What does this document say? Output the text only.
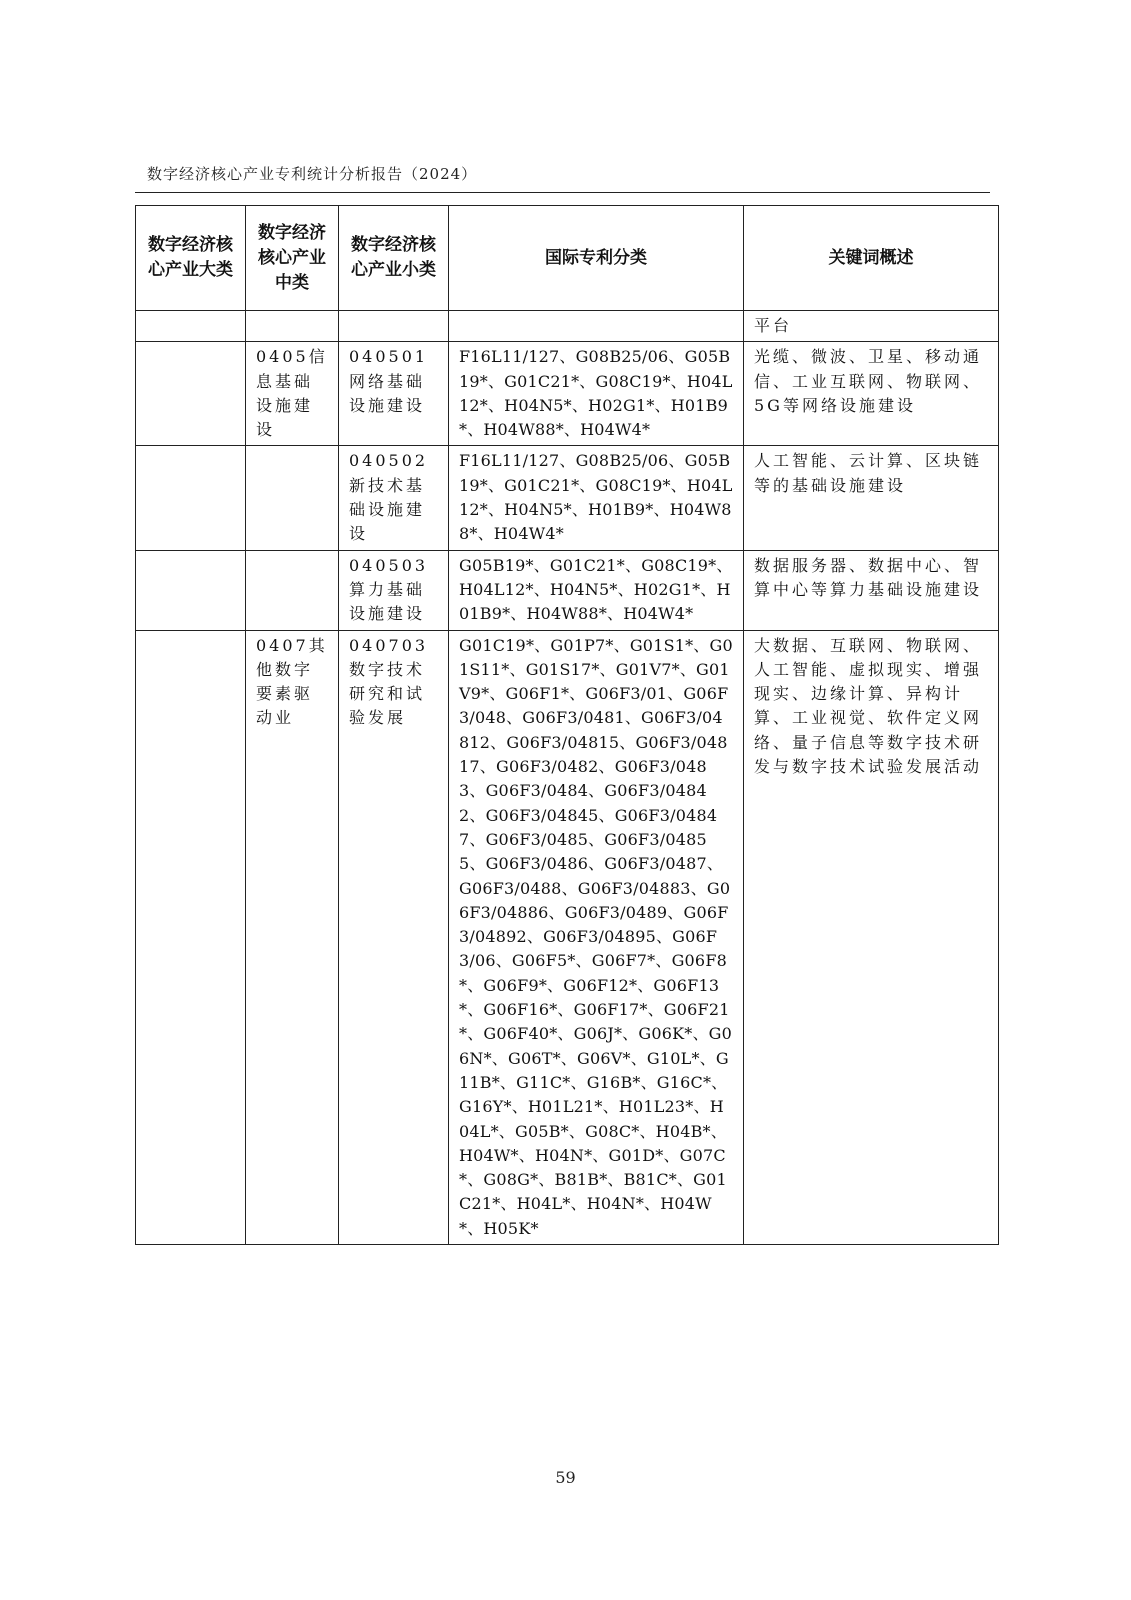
数字经济核心产业专利统计分析报告（2024）
数字经济核心产业大类	数字经济核心产业中类	数字经济核心产业小类	国际专利分类	关键词概述
				平台
	0405信息基础设施建设	040501网络基础设施建设	F16L11/127、G08B25/06、G05B19*、G01C21*、G08C19*、H04L12*、H04N5*、H02G1*、H01B9*、H04W88*、H04W4*	光缆、微波、卫星、移动通信、工业互联网、物联网、5G等网络设施建设
		040502新技术基础设施建设	F16L11/127、G08B25/06、G05B19*、G01C21*、G08C19*、H04L12*、H04N5*、H01B9*、H04W88*、H04W4*	人工智能、云计算、区块链等的基础设施建设
		040503算力基础设施建设	G05B19*、G01C21*、G08C19*、H04L12*、H04N5*、H02G1*、H01B9*、H04W88*、H04W4*	数据服务器、数据中心、智算中心等算力基础设施建设
	0407其他数字要素驱动业	040703数字技术研究和试验发展	G01C19*、G01P7*、G01S1*、G01S11*、G01S17*、G01V7*、G01V9*、G06F1*、G06F3/01、G06F3/048、G06F3/0481、G06F3/04812、G06F3/04815、G06F3/04817、G06F3/0482、G06F3/0483、G06F3/0484、G06F3/04842、G06F3/04845、G06F3/04847、G06F3/0485、G06F3/04855、G06F3/0486、G06F3/0487、G06F3/0488、G06F3/04883、G06F3/04886、G06F3/0489、G06F3/04892、G06F3/04895、G06F3/06、G06F5*、G06F7*、G06F8*、G06F9*、G06F12*、G06F13*、G06F16*、G06F17*、G06F21*、G06F40*、G06J*、G06K*、G06N*、G06T*、G06V*、G10L*、G11B*、G11C*、G16B*、G16C*、G16Y*、H01L21*、H01L23*、H04L*、G05B*、G08C*、H04B*、H04W*、H04N*、G01D*、G07C*、G08G*、B81B*、B81C*、G01C21*、H04L*、H04N*、H04W*、H05K*	大数据、互联网、物联网、人工智能、虚拟现实、增强现实、边缘计算、异构计算、工业视觉、软件定义网络、量子信息等数字技术研发与数字技术试验发展活动
59
